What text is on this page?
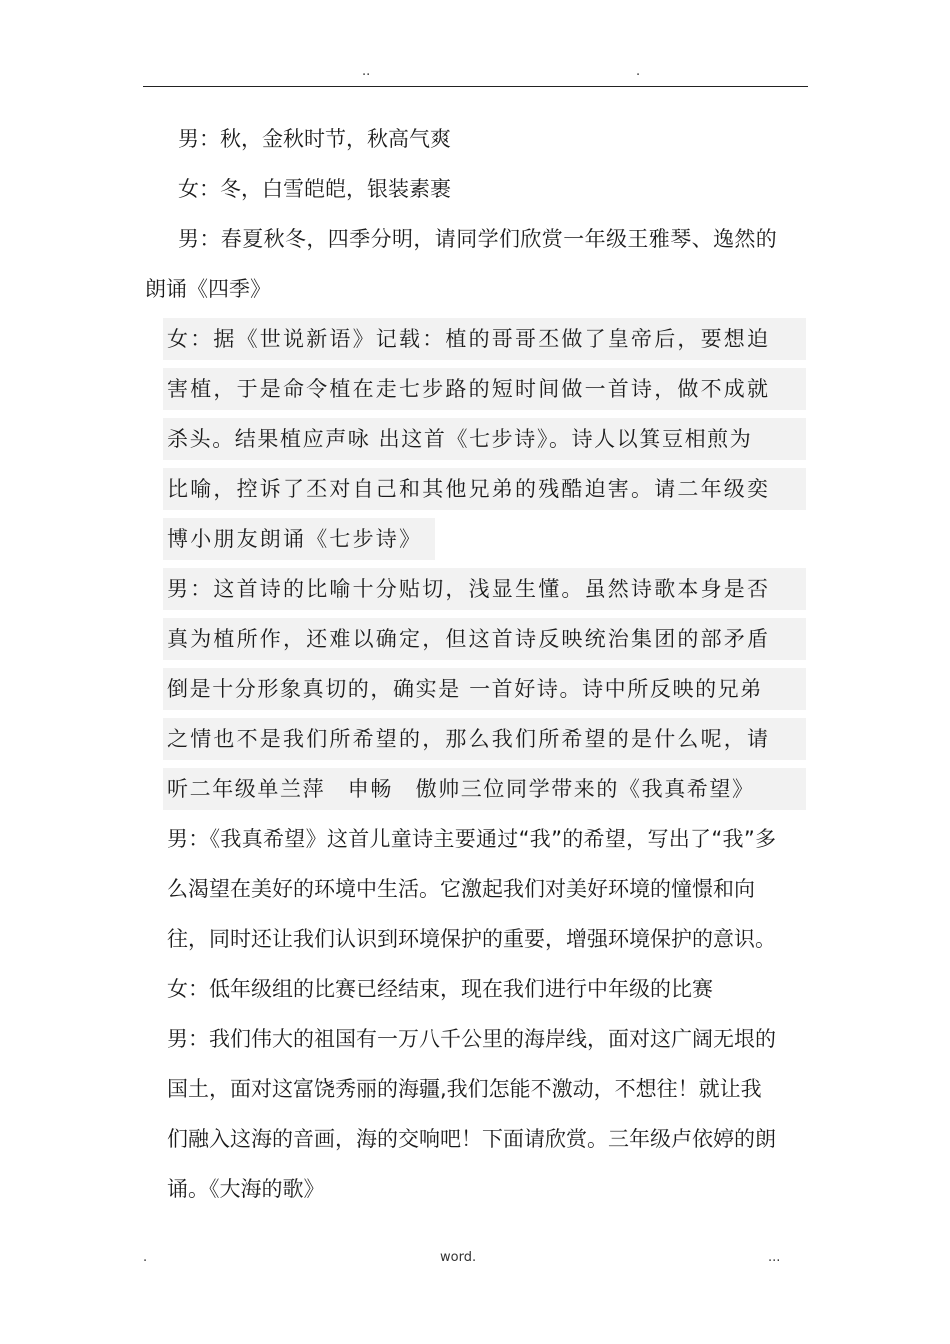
..	.
男：秋，金秋时节，秋高气爽
女：冬，白雪皑皑，银装素裹
男：春夏秋冬，四季分明，请同学们欣赏一年级王雅琴、逸然的
朗诵《四季》
女：据《世说新语》记载：植的哥哥丕做了皇帝后，要想迫
害植，于是命令植在走七步路的短时间做一首诗，做不成就
杀头。结果植应声咏 出这首《七步诗》。诗人以箕豆相煎为
比喻，控诉了丕对自己和其他兄弟的残酷迫害。请二年级奕
博小朋友朗诵《七步诗》
男：这首诗的比喻十分贴切，浅显生懂。虽然诗歌本身是否
真为植所作，还难以确定，但这首诗反映统治集团的部矛盾
倒是十分形象真切的，确实是 一首好诗。诗中所反映的兄弟
之情也不是我们所希望的，那么我们所希望的是什么呢，请
听二年级单兰萍　申畅　傲帅三位同学带来的《我真希望》
男：《我真希望》这首儿童诗主要通过“我”的希望，写出了“我”多
么渴望在美好的环境中生活。它激起我们对美好环境的憧憬和向
往，同时还让我们认识到环境保护的重要，增强环境保护的意识。
女：低年级组的比赛已经结束，现在我们进行中年级的比赛
男：我们伟大的祖国有一万八千公里的海岸线，面对这广阔无垠的
国土，面对这富饶秀丽的海疆,我们怎能不激动，不想往！就让我
们融入这海的音画，海的交响吧！下面请欣赏。三年级卢依婷的朗
诵。《大海的歌》
.	word.	...
